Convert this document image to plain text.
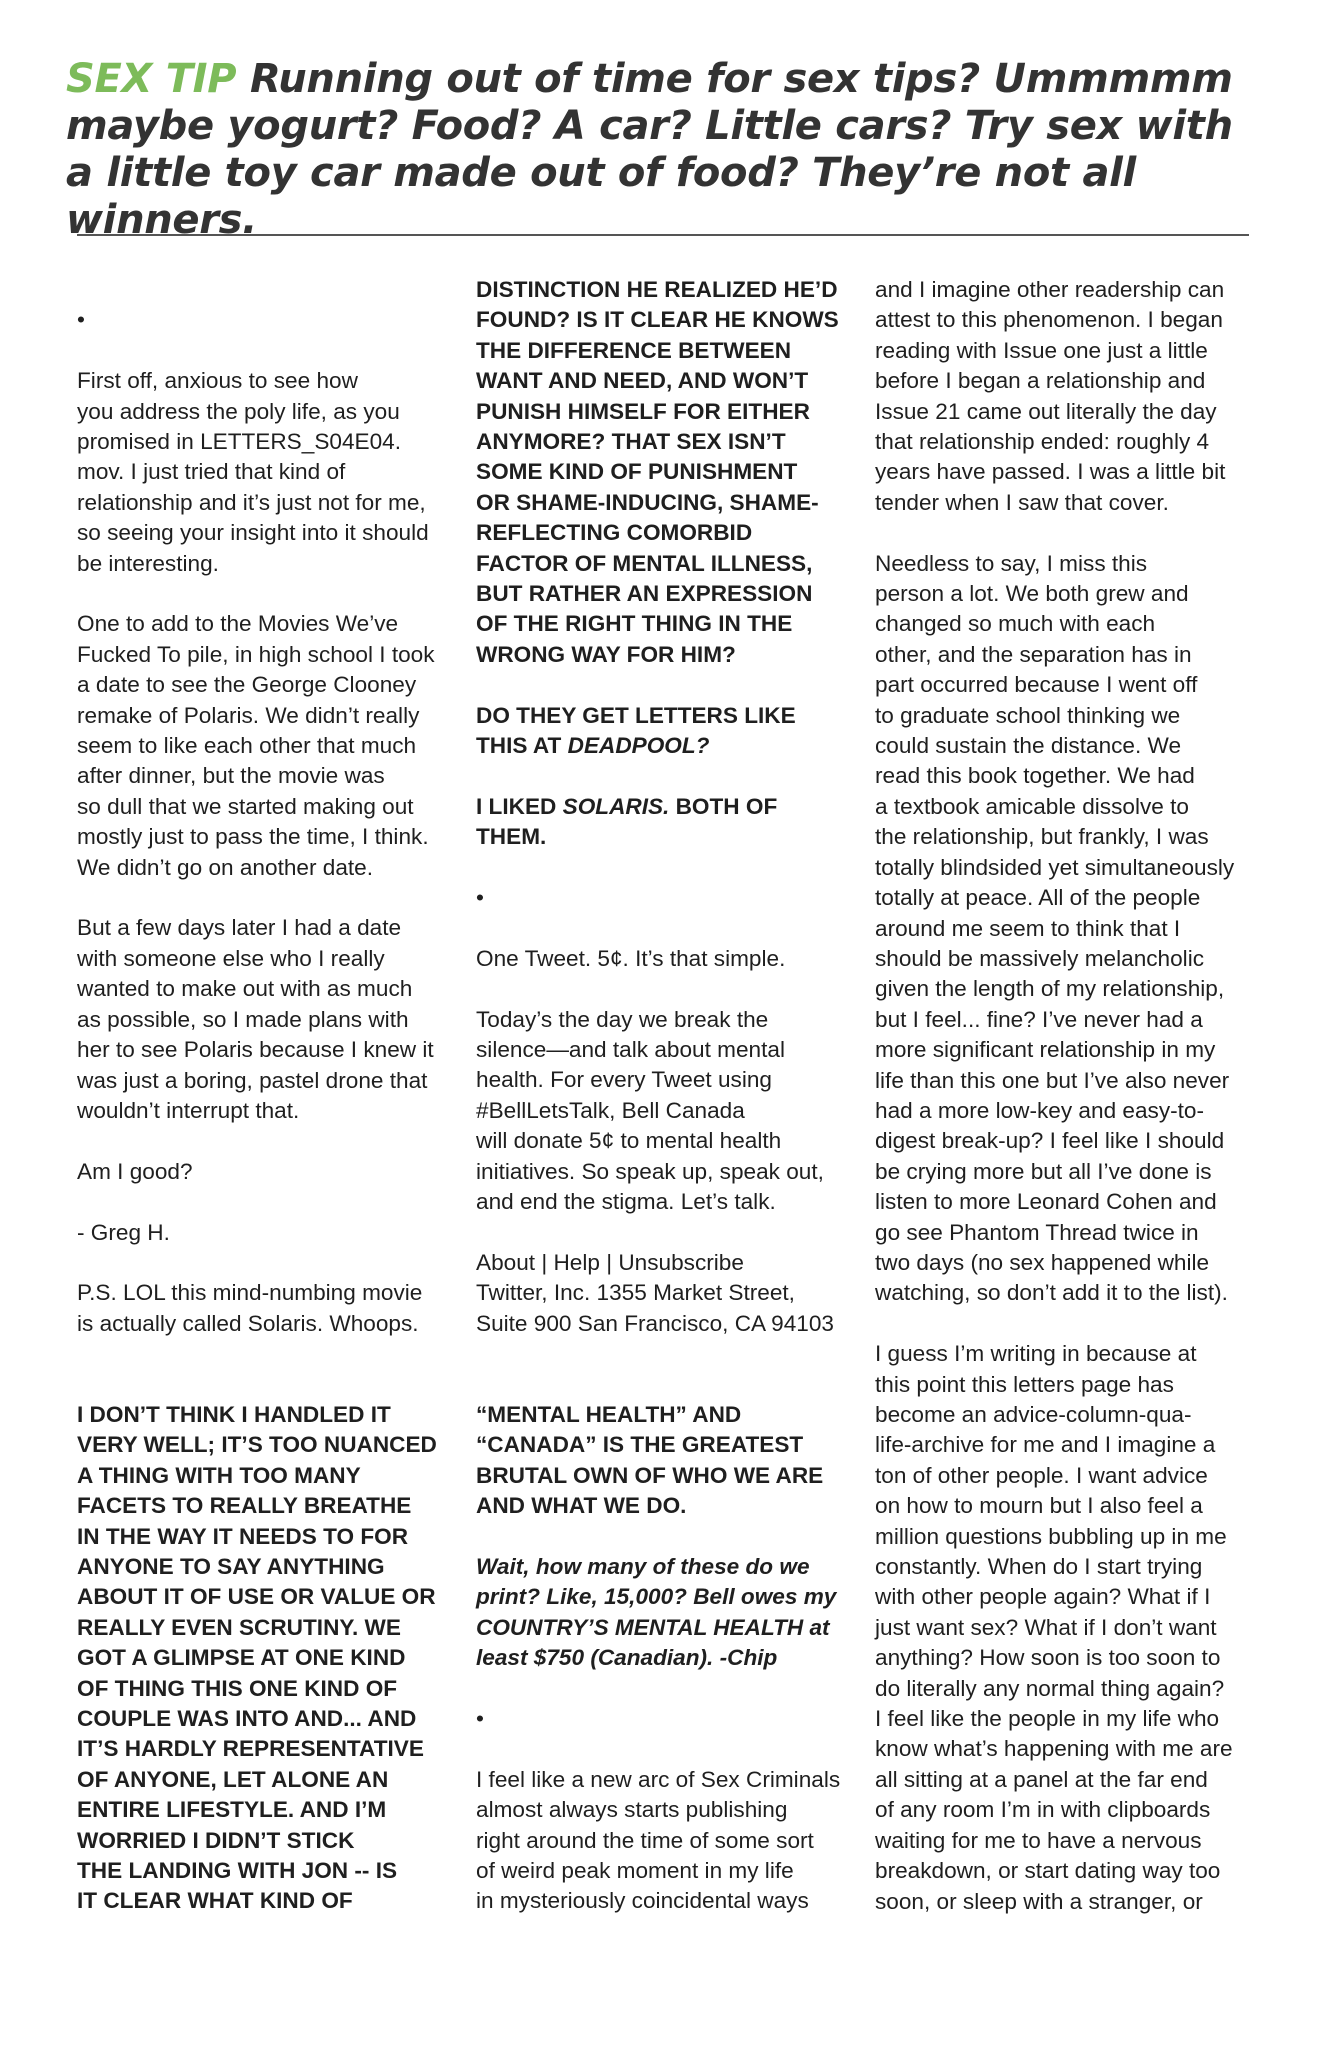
SEX TIP Running out of time for sex tips? Ummmmm maybe yogurt? Food? A car? Little cars? Try sex with a little toy car made out of food? They’re not all winners.
•

First off, anxious to see how
you address the poly life, as you
promised in LETTERS_S04E04.
mov. I just tried that kind of
relationship and it’s just not for me,
so seeing your insight into it should
be interesting.

One to add to the Movies We’ve
Fucked To pile, in high school I took
a date to see the George Clooney
remake of Polaris. We didn’t really
seem to like each other that much
after dinner, but the movie was
so dull that we started making out
mostly just to pass the time, I think.
We didn’t go on another date.

But a few days later I had a date
with someone else who I really
wanted to make out with as much
as possible, so I made plans with
her to see Polaris because I knew it
was just a boring, pastel drone that
wouldn’t interrupt that.

Am I good?

- Greg H.

P.S. LOL this mind-numbing movie
is actually called Solaris. Whoops.

I DON’T THINK I HANDLED IT
VERY WELL; IT’S TOO NUANCED
A THING WITH TOO MANY
FACETS TO REALLY BREATHE
IN THE WAY IT NEEDS TO FOR
ANYONE TO SAY ANYTHING
ABOUT IT OF USE OR VALUE OR
REALLY EVEN SCRUTINY. WE
GOT A GLIMPSE AT ONE KIND
OF THING THIS ONE KIND OF
COUPLE WAS INTO AND... AND
IT’S HARDLY REPRESENTATIVE
OF ANYONE, LET ALONE AN
ENTIRE LIFESTYLE. AND I’M
WORRIED I DIDN’T STICK
THE LANDING WITH JON -- IS
IT CLEAR WHAT KIND OF

DISTINCTION HE REALIZED HE’D
FOUND? IS IT CLEAR HE KNOWS
THE DIFFERENCE BETWEEN
WANT AND NEED, AND WON’T
PUNISH HIMSELF FOR EITHER
ANYMORE? THAT SEX ISN’T
SOME KIND OF PUNISHMENT
OR SHAME-INDUCING, SHAME-
REFLECTING COMORBID
FACTOR OF MENTAL ILLNESS,
BUT RATHER AN EXPRESSION
OF THE RIGHT THING IN THE
WRONG WAY FOR HIM?

DO THEY GET LETTERS LIKE
THIS AT DEADPOOL?

I LIKED SOLARIS. BOTH OF
THEM.

•

One Tweet. 5¢. It’s that simple.

Today’s the day we break the
silence—and talk about mental
health. For every Tweet using
#BellLetsTalk, Bell Canada
will donate 5¢ to mental health
initiatives. So speak up, speak out,
and end the stigma. Let’s talk.

About | Help | Unsubscribe
Twitter, Inc. 1355 Market Street,
Suite 900 San Francisco, CA 94103

“MENTAL HEALTH” AND
“CANADA” IS THE GREATEST
BRUTAL OWN OF WHO WE ARE
AND WHAT WE DO.

Wait, how many of these do we
print? Like, 15,000? Bell owes my
COUNTRY’S MENTAL HEALTH at
least $750 (Canadian). -Chip

•

I feel like a new arc of Sex Criminals
almost always starts publishing
right around the time of some sort
of weird peak moment in my life
in mysteriously coincidental ways

and I imagine other readership can
attest to this phenomenon. I began
reading with Issue one just a little
before I began a relationship and
Issue 21 came out literally the day
that relationship ended: roughly 4
years have passed. I was a little bit
tender when I saw that cover.

Needless to say, I miss this
person a lot. We both grew and
changed so much with each
other, and the separation has in
part occurred because I went off
to graduate school thinking we
could sustain the distance. We
read this book together. We had
a textbook amicable dissolve to
the relationship, but frankly, I was
totally blindsided yet simultaneously
totally at peace. All of the people
around me seem to think that I
should be massively melancholic
given the length of my relationship,
but I feel... fine? I’ve never had a
more significant relationship in my
life than this one but I’ve also never
had a more low-key and easy-to-
digest break-up? I feel like I should
be crying more but all I’ve done is
listen to more Leonard Cohen and
go see Phantom Thread twice in
two days (no sex happened while
watching, so don’t add it to the list).

I guess I’m writing in because at
this point this letters page has
become an advice-column-qua-
life-archive for me and I imagine a
ton of other people. I want advice
on how to mourn but I also feel a
million questions bubbling up in me
constantly. When do I start trying
with other people again? What if I
just want sex? What if I don’t want
anything? How soon is too soon to
do literally any normal thing again?
I feel like the people in my life who
know what’s happening with me are
all sitting at a panel at the far end
of any room I’m in with clipboards
waiting for me to have a nervous
breakdown, or start dating way too
soon, or sleep with a stranger, or
